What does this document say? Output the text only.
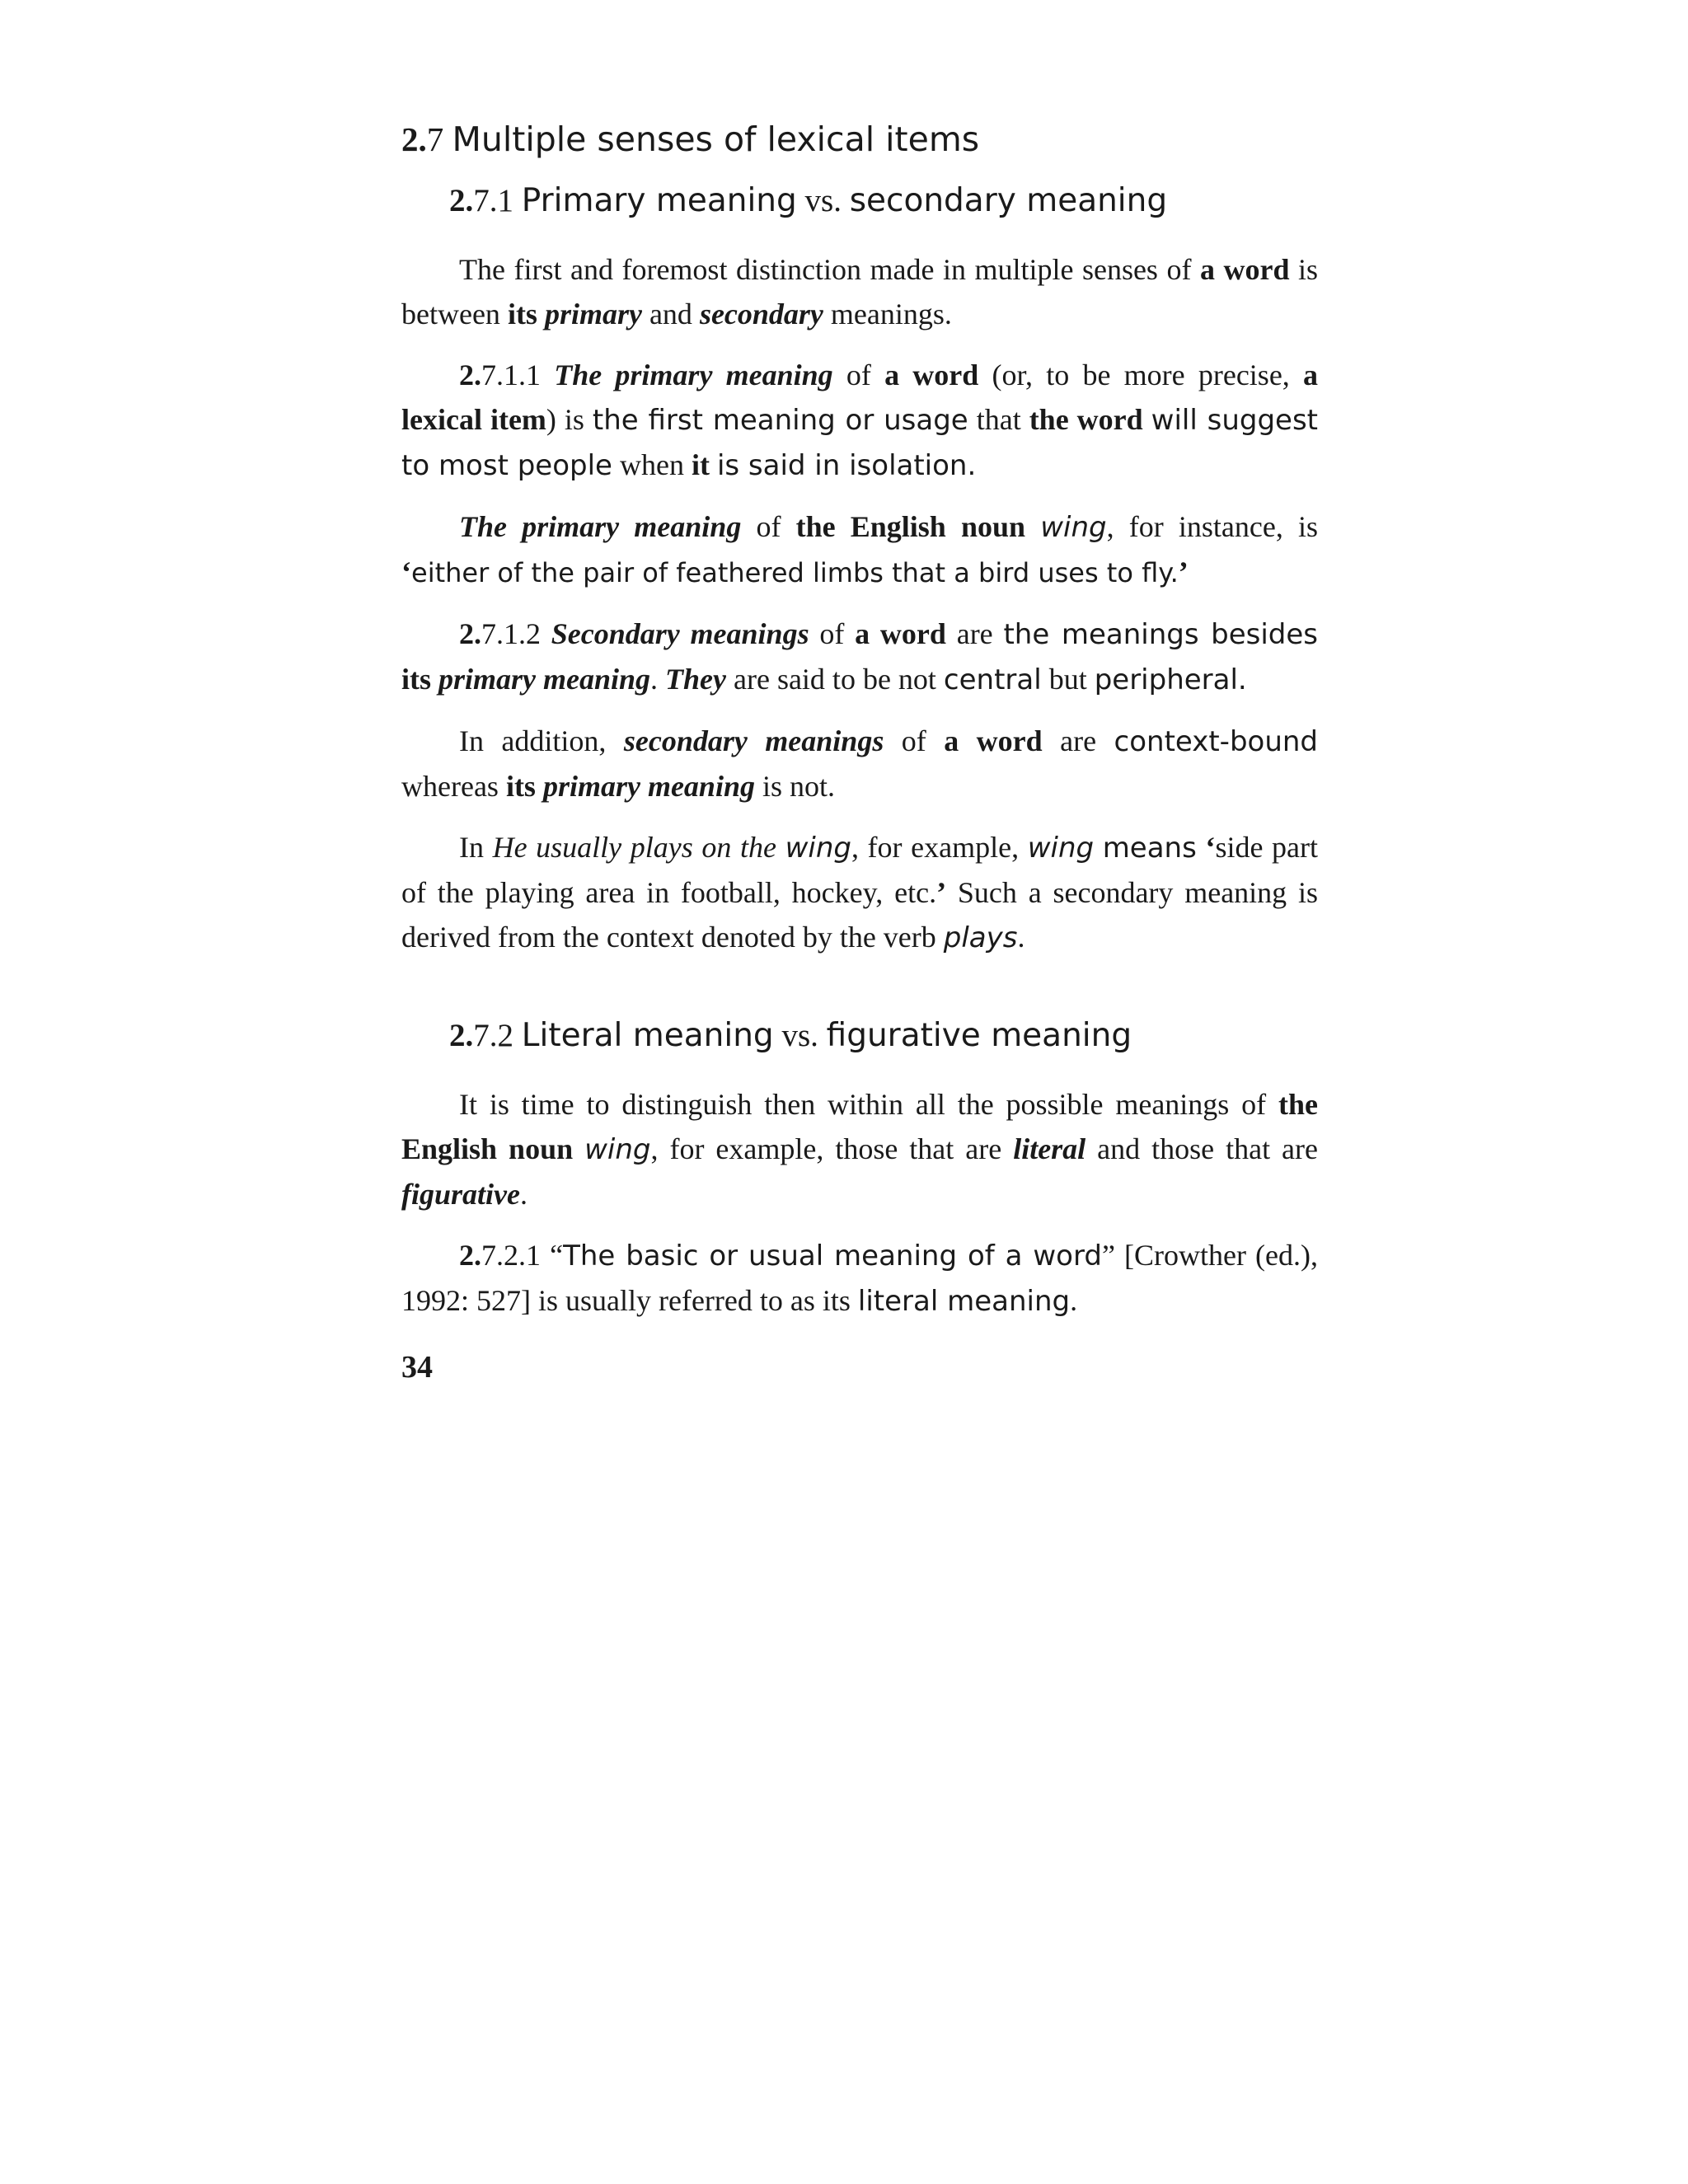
2.7 Multiple senses of lexical items
2.7.1 Primary meaning vs. secondary meaning

The first and foremost distinction made in multiple senses of a word is between its primary and secondary meanings.

2.7.1.1 The primary meaning of a word (or, to be more precise, a lexical item) is the first meaning or usage that the word will suggest to most people when it is said in isolation.

The primary meaning of the English noun wing, for instance, is ‘either of the pair of feathered limbs that a bird uses to fly.’

2.7.1.2 Secondary meanings of a word are the meanings besides its primary meaning. They are said to be not central but peripheral.

In addition, secondary meanings of a word are context-bound whereas its primary meaning is not.

In He usually plays on the wing, for example, wing means ‘side part of the playing area in football, hockey, etc.’ Such a secondary meaning is derived from the context denoted by the verb plays.

2.7.2 Literal meaning vs. figurative meaning

It is time to distinguish then within all the possible meanings of the English noun wing, for example, those that are literal and those that are figurative.

2.7.2.1 “The basic or usual meaning of a word” [Crowther (ed.), 1992: 527] is usually referred to as its literal meaning.

34
